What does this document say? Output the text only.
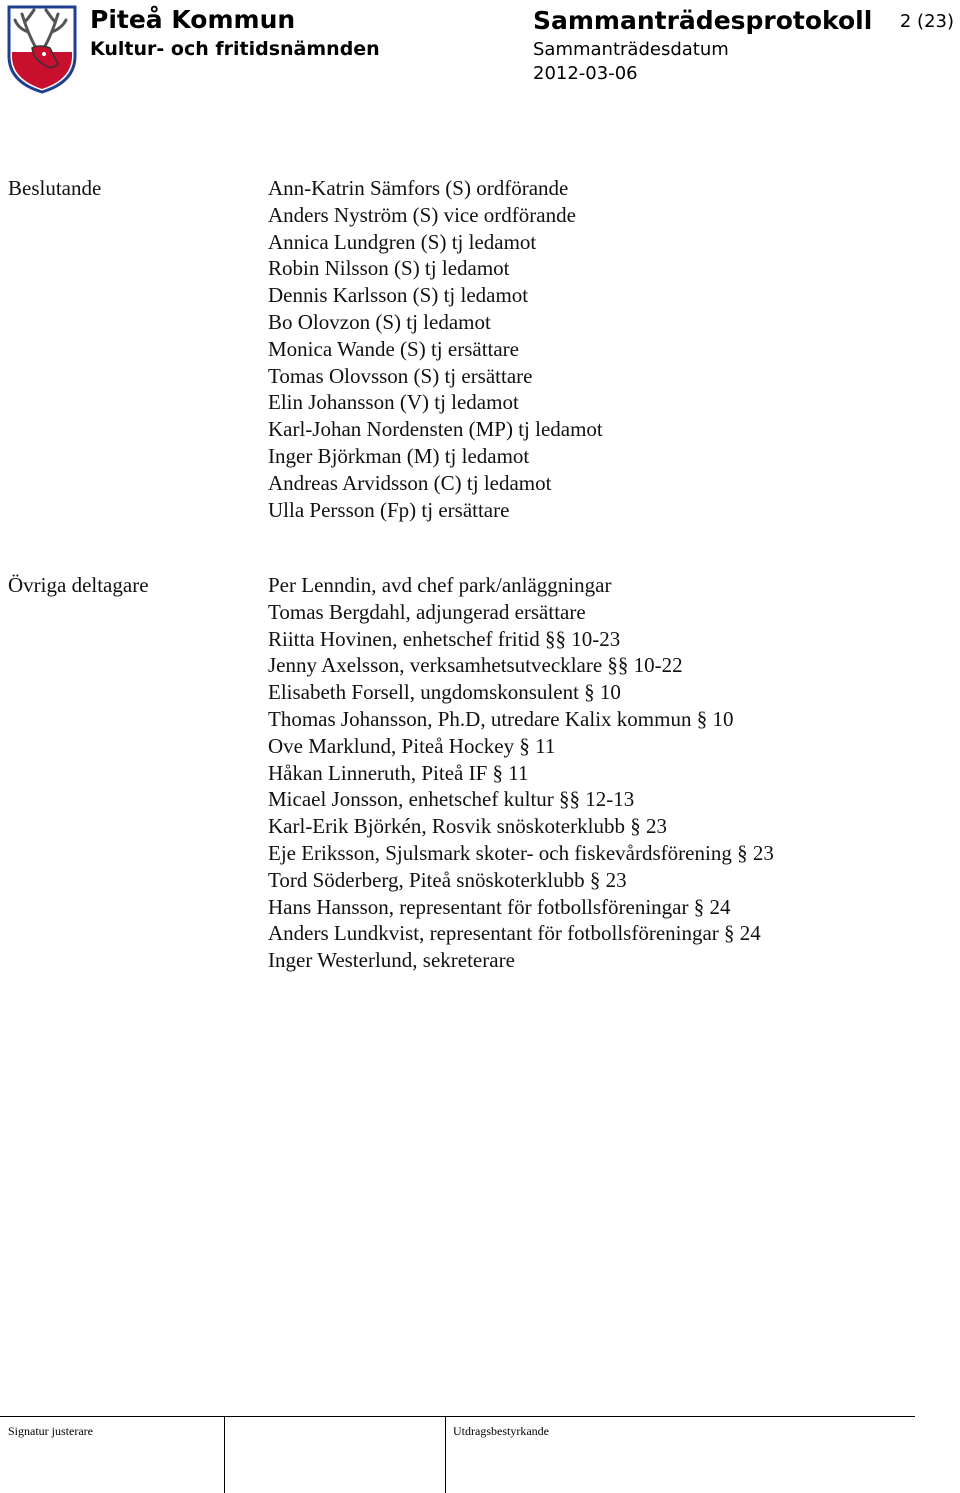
Piteå Kommun
Kultur- och fritidsnämnden
Sammanträdesprotokoll
Sammanträdesdatum
2012-03-06
2 (23)
Beslutande	Ann-Katrin Sämfors (S) ordförande
Anders Nyström (S) vice ordförande
Annica Lundgren (S) tj ledamot
Robin Nilsson (S) tj ledamot
Dennis Karlsson (S) tj ledamot
Bo Olovzon (S) tj ledamot
Monica Wande (S) tj ersättare
Tomas Olovsson (S) tj ersättare
Elin Johansson (V) tj ledamot
Karl-Johan Nordensten (MP) tj ledamot
Inger Björkman (M) tj ledamot
Andreas Arvidsson (C) tj ledamot
Ulla Persson (Fp) tj ersättare
Övriga deltagare	Per Lenndin, avd chef park/anläggningar
Tomas Bergdahl, adjungerad ersättare
Riitta Hovinen, enhetschef fritid §§ 10-23
Jenny Axelsson, verksamhetsutvecklare §§ 10-22
Elisabeth Forsell, ungdomskonsulent § 10
Thomas Johansson, Ph.D, utredare Kalix kommun § 10
Ove Marklund, Piteå Hockey § 11
Håkan Linneruth, Piteå IF § 11
Micael Jonsson, enhetschef kultur §§ 12-13
Karl-Erik Björkén, Rosvik snöskoterklubb § 23
Eje Eriksson, Sjulsmark skoter- och fiskevårdsförening § 23
Tord Söderberg, Piteå snöskoterklubb § 23
Hans Hansson, representant för fotbollsföreningar § 24
Anders Lundkvist, representant för fotbollsföreningar § 24
Inger Westerlund, sekreterare
Signatur justerare	Utdragsbestyrkande
